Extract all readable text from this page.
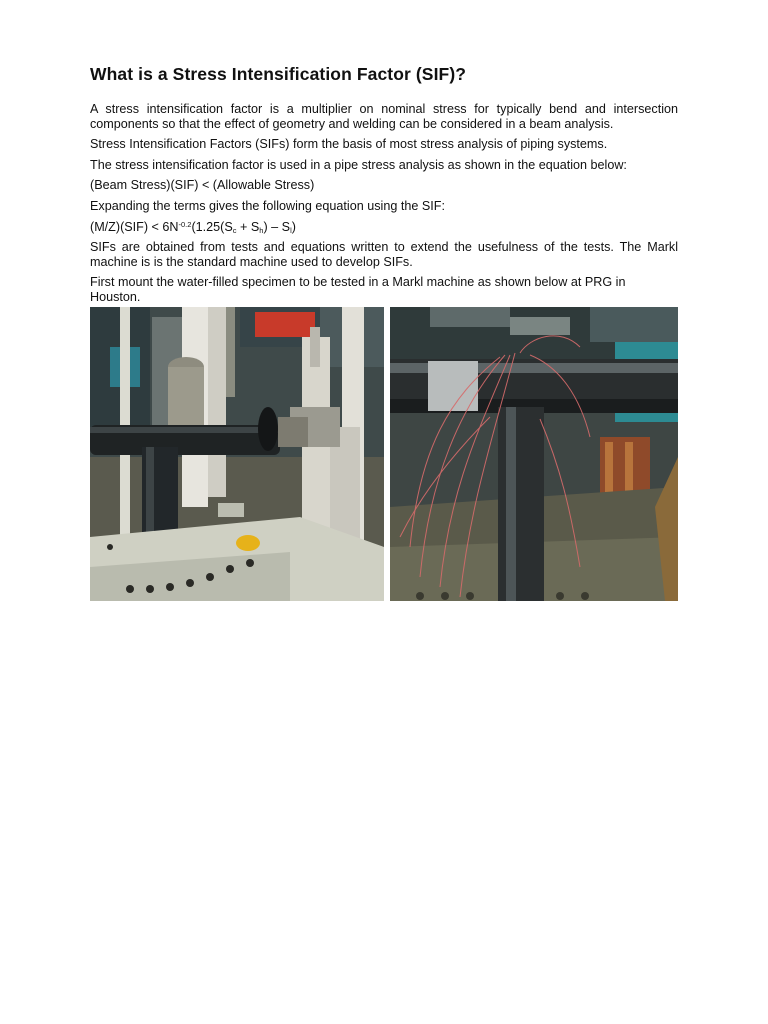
What is a Stress Intensification Factor (SIF)?

A stress intensification factor is a multiplier on nominal stress for typically bend and intersection components so that the effect of geometry and welding can be considered in a beam analysis.

Stress Intensification Factors (SIFs) form the basis of most stress analysis of piping systems.

The stress intensification factor is used in a pipe stress analysis as shown in the equation below:

(Beam Stress)(SIF) < (Allowable Stress)

Expanding the terms gives the following equation using the SIF:

$(M/Z)(SIF) < 6N^{-0.2}(1.25(S_c + S_h) - S_l)$

SIFs are obtained from tests and equations written to extend the usefulness of the tests. The Markl machine is is the standard machine used to develop SIFs.

First mount the water-filled specimen to be tested in a Markl machine as shown below at PRG in Houston.
